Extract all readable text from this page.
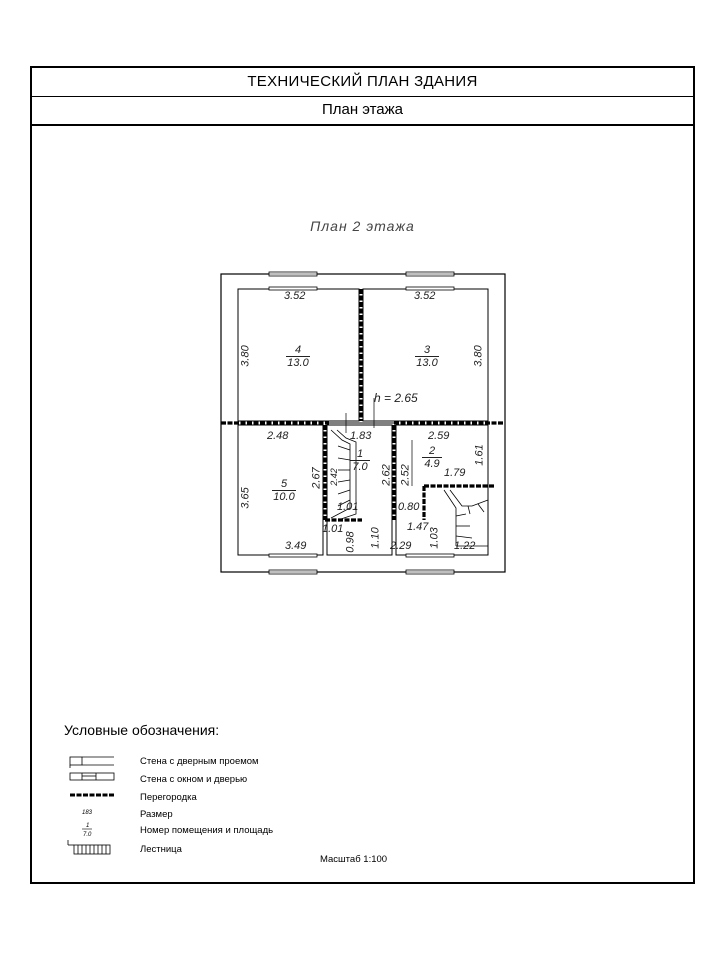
ТЕХНИЧЕСКИЙ ПЛАН ЗДАНИЯ
План этажа
План 2 этажа
3.52	3.52
3.80	3.80
4
13.0
3
13.0
h = 2.65
2.48	1.83	2.59
3.65
2.67 2.42	2.62 2.52
1.61
1.79
1
7.0
2
4.9
5
10.0
1.01	0.80
1.01	1.47
0.98 1.10	1.03
3.49	2.29	1.22
Условные обозначения:
183
1
7.0
Стена с дверным проемом
Стена с окном и дверью
Перегородка
Размер
Номер помещения и площадь
Лестница
Масштаб 1:100
